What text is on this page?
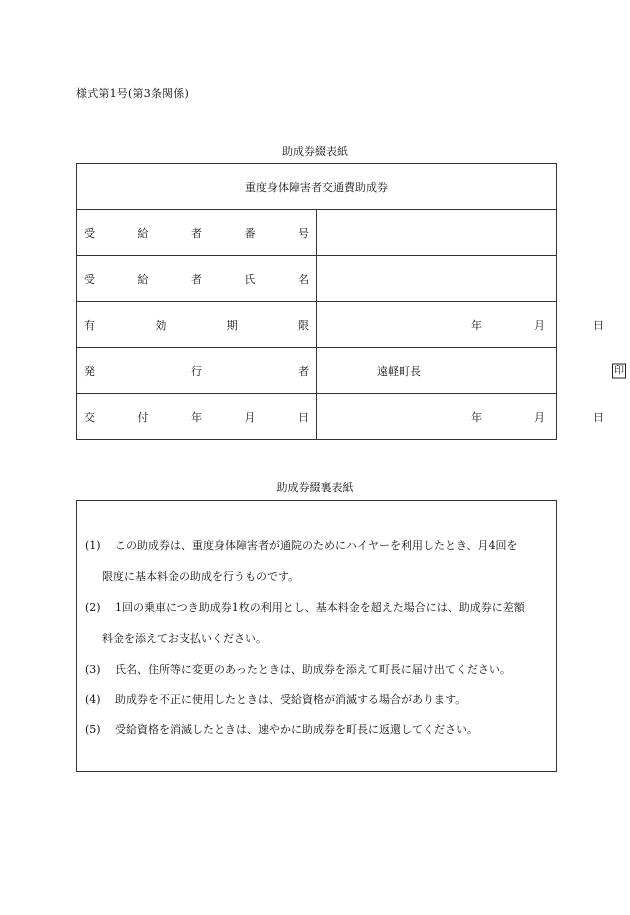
様式第1号(第3条関係)
助成券綴表紙
重度身体障害者交通費助成券	

受 給 者 番 号	

受 給 者 氏 名	

有 効 期 限	年 月 日

発 行 者	遠軽町長 印

交 付 年 月 日	年 月 日
助成券綴裏表紙
(1) この助成券は、重度身体障害者が通院のためにハイヤーを利用したとき、月4回を
限度に基本料金の助成を行うものです。
(2) 1回の乗車につき助成券1枚の利用とし、基本料金を超えた場合には、助成券に差額
料金を添えてお支払いください。
(3) 氏名、住所等に変更のあったときは、助成券を添えて町長に届け出てください。
(4) 助成券を不正に使用したときは、受給資格が消滅する場合があります。
(5) 受給資格を消滅したときは、速やかに助成券を町長に返還してください。
